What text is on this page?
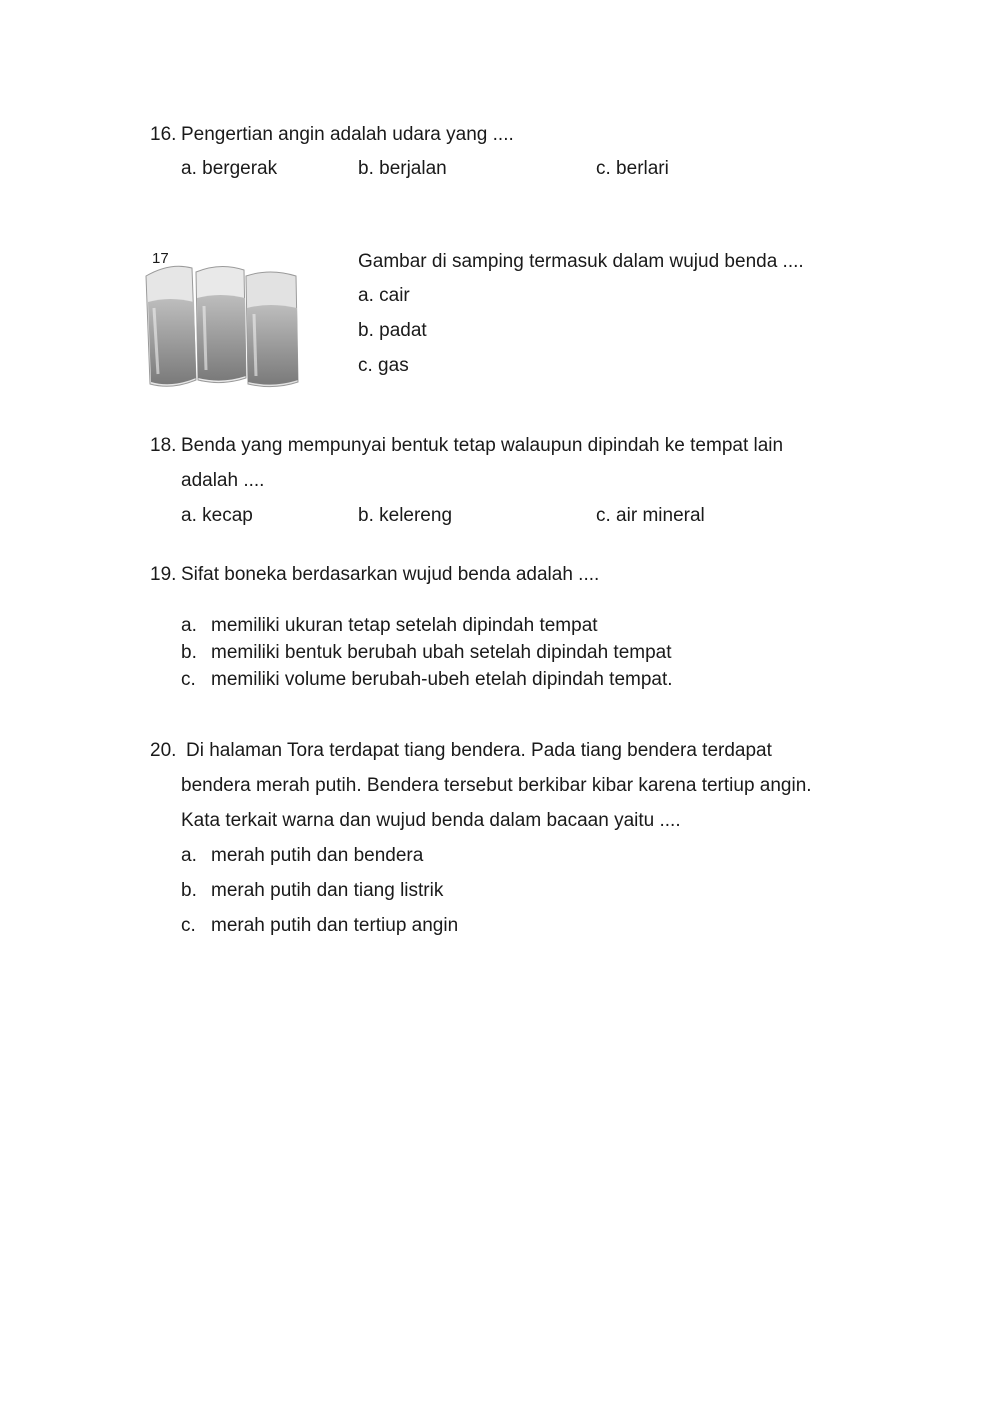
16. Pengertian angin adalah udara yang ....
a. bergerak	b. berjalan	c. berlari
17	Gambar di samping termasuk dalam wujud benda ....
a. cair
b. padat
c. gas
18. Benda yang mempunyai bentuk tetap walaupun dipindah ke tempat lain
adalah ....
a. kecap	b. kelereng	c. air mineral
19. Sifat boneka berdasarkan wujud benda adalah ....
a. memiliki ukuran tetap setelah dipindah tempat
b. memiliki bentuk berubah ubah setelah dipindah tempat
c. memiliki volume berubah-ubeh etelah dipindah tempat.
20. Di halaman Tora terdapat tiang bendera. Pada tiang bendera terdapat
bendera merah putih. Bendera tersebut berkibar kibar karena tertiup angin.
Kata terkait warna dan wujud benda dalam bacaan yaitu ....
a. merah putih dan bendera
b. merah putih dan tiang listrik
c. merah putih dan tertiup angin
